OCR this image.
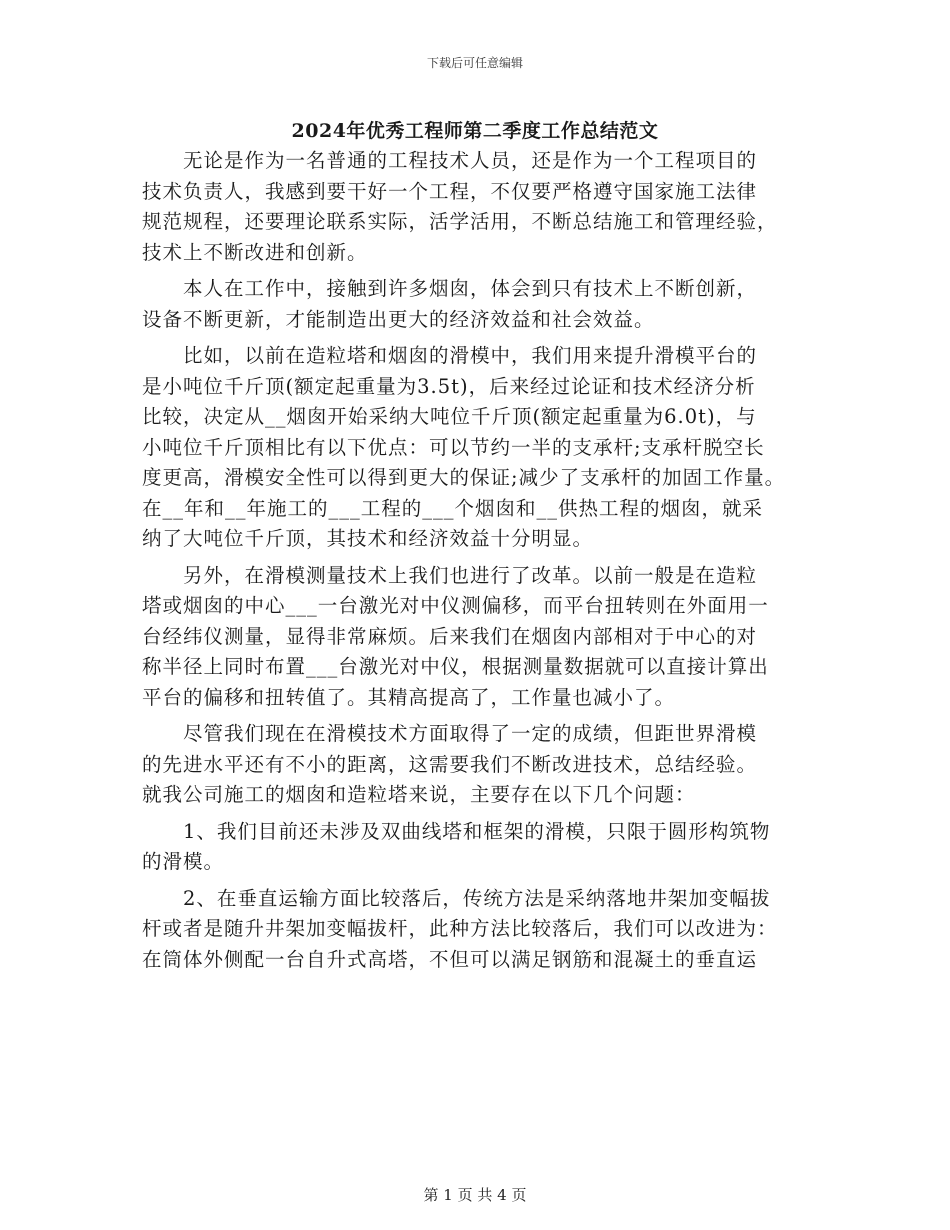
下载后可任意编辑
2024年优秀工程师第二季度工作总结范文
　　无论是作为一名普通的工程技术人员，还是作为一个工程项目的
技术负责人，我感到要干好一个工程，不仅要严格遵守国家施工法律
规范规程，还要理论联系实际，活学活用，不断总结施工和管理经验，
技术上不断改进和创新。
　　本人在工作中，接触到许多烟囱，体会到只有技术上不断创新，
设备不断更新，才能制造出更大的经济效益和社会效益。
　　比如，以前在造粒塔和烟囱的滑模中，我们用来提升滑模平台的
是小吨位千斤顶(额定起重量为3.5t)，后来经过论证和技术经济分析
比较，决定从__烟囱开始采纳大吨位千斤顶(额定起重量为6.0t)，与
小吨位千斤顶相比有以下优点：可以节约一半的支承杆;支承杆脱空长
度更高，滑模安全性可以得到更大的保证;减少了支承杆的加固工作量。
在__年和__年施工的___工程的___个烟囱和__供热工程的烟囱，就采
纳了大吨位千斤顶，其技术和经济效益十分明显。
　　另外，在滑模测量技术上我们也进行了改革。以前一般是在造粒
塔或烟囱的中心___一台激光对中仪测偏移，而平台扭转则在外面用一
台经纬仪测量，显得非常麻烦。后来我们在烟囱内部相对于中心的对
称半径上同时布置___台激光对中仪，根据测量数据就可以直接计算出
平台的偏移和扭转值了。其精高提高了，工作量也减小了。
　　尽管我们现在在滑模技术方面取得了一定的成绩，但距世界滑模
的先进水平还有不小的距离，这需要我们不断改进技术，总结经验。
就我公司施工的烟囱和造粒塔来说，主要存在以下几个问题：
　　1、我们目前还未涉及双曲线塔和框架的滑模，只限于圆形构筑物
的滑模。
　　2、在垂直运输方面比较落后，传统方法是采纳落地井架加变幅拔
杆或者是随升井架加变幅拔杆，此种方法比较落后，我们可以改进为：
在筒体外侧配一台自升式高塔，不但可以满足钢筋和混凝土的垂直运
第 1 页 共 4 页
